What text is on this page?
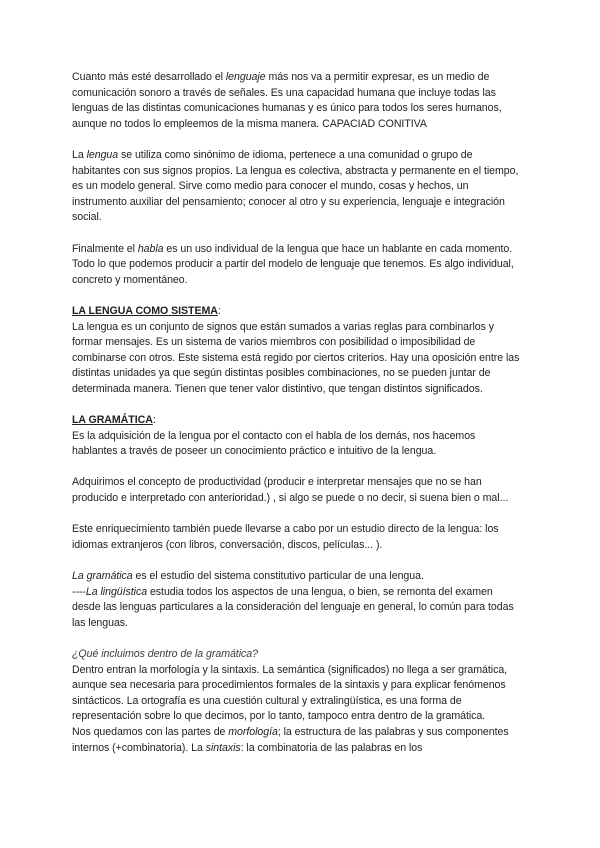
Cuanto más esté desarrollado el lenguaje más nos va a permitir expresar, es un medio de comunicación sonoro a través de señales. Es una capacidad humana que incluye todas las lenguas de las distintas comunicaciones humanas y es único para todos los seres humanos, aunque no todos lo empleemos de la misma manera. CAPACIAD CONITIVA

La lengua se utiliza como sinónimo de idioma, pertenece a una comunidad o grupo de habitantes con sus signos propios. La lengua es colectiva, abstracta y permanente en el tiempo, es un modelo general. Sirve como medio para conocer el mundo, cosas y hechos, un instrumento auxiliar del pensamiento; conocer al otro y su experiencia, lenguaje e integración social.

Finalmente el habla es un uso individual de la lengua que hace un hablante en cada momento. Todo lo que podemos producir a partir del modelo de lenguaje que tenemos. Es algo individual, concreto y momentáneo.

LA LENGUA COMO SISTEMA:

La lengua es un conjunto de signos que están sumados a varias reglas para combinarlos y formar mensajes. Es un sistema de varios miembros con posibilidad o imposibilidad de combinarse con otros. Este sistema está regido por ciertos criterios. Hay una oposición entre las distintas unidades ya que según distintas posibles combinaciones, no se pueden juntar de determinada manera. Tienen que tener valor distintivo, que tengan distintos significados.

LA GRAMÁTICA:

Es la adquisición de la lengua por el contacto con el habla de los demás, nos hacemos hablantes a través de poseer un conocimiento práctico e intuitivo de la lengua.

Adquirimos el concepto de productividad (producir e interpretar mensajes que no se han producido e interpretado con anterioridad.) , si algo se puede o no decir, si suena bien o mal...

Este enriquecimiento también puede llevarse a cabo por un estudio directo de la lengua: los idiomas extranjeros (con libros, conversación, discos, películas... ).

La gramática es el estudio del sistema constitutivo particular de una lengua.
----La lingüística estudia todos los aspectos de una lengua, o bien, se remonta del examen desde las lenguas particulares a la consideración del lenguaje en general, lo común para todas las lenguas.

¿Qué incluimos dentro de la gramática?

Dentro entran la morfología y la sintaxis. La semántica (significados) no llega a ser gramática, aunque sea necesaria para procedimientos formales de la sintaxis y para explicar fenómenos sintácticos. La ortografía es una cuestión cultural y extralingüística, es una forma de representación sobre lo que decimos, por lo tanto, tampoco entra dentro de la gramática.

Nos quedamos con las partes de morfología; la estructura de las palabras y sus componentes internos (+combinatoria). La sintaxis: la combinatoria de las palabras en los
